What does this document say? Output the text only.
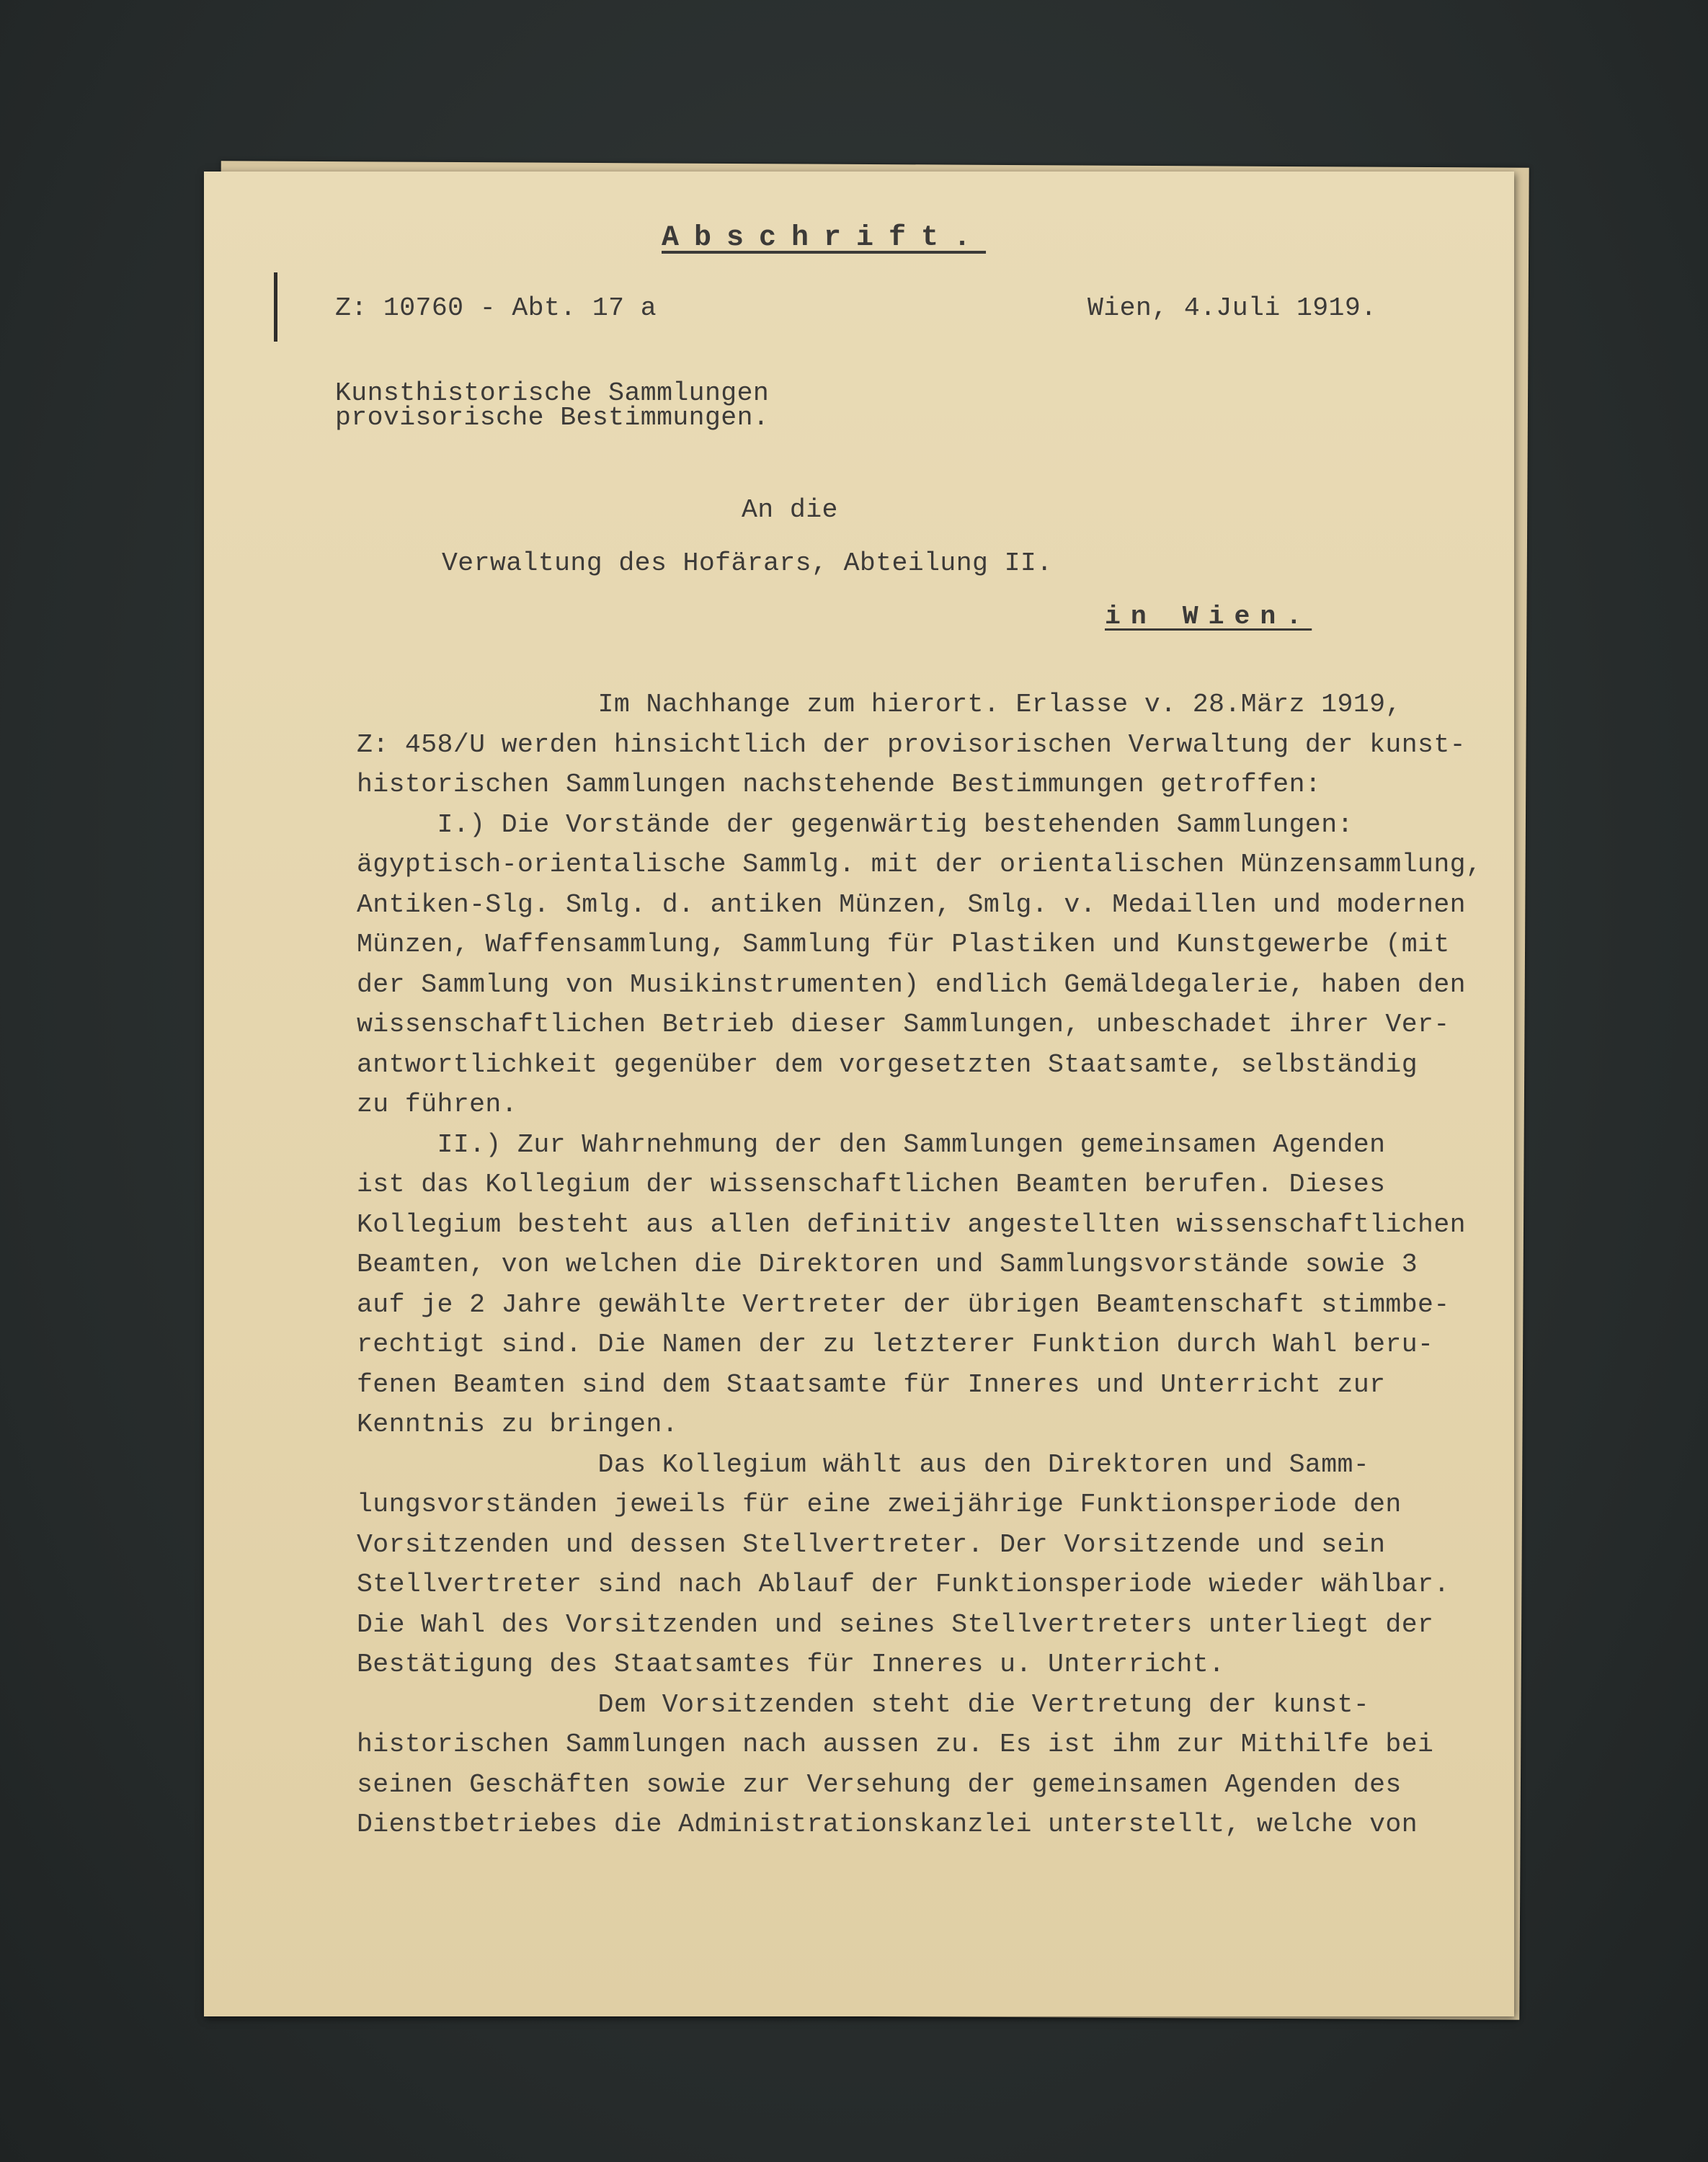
Abschrift.
Z: 10760 - Abt. 17 a	Wien, 4.Juli 1919.
Kunsthistorische Sammlungen
provisorische Bestimmungen.
An die
Verwaltung des Hofärars, Abteilung II.
in Wien.
Im Nachhange zum hierort. Erlasse v. 28.März 1919,
Z: 458/U werden hinsichtlich der provisorischen Verwaltung der kunst-
historischen Sammlungen nachstehende Bestimmungen getroffen:
I.) Die Vorstände der gegenwärtig bestehenden Sammlungen:
ägyptisch-orientalische Sammlg. mit der orientalischen Münzensammlung,
Antiken-Slg. Smlg. d. antiken Münzen, Smlg. v. Medaillen und modernen
Münzen, Waffensammlung, Sammlung für Plastiken und Kunstgewerbe (mit
der Sammlung von Musikinstrumenten) endlich Gemäldegalerie, haben den
wissenschaftlichen Betrieb dieser Sammlungen, unbeschadet ihrer Ver-
antwortlichkeit gegenüber dem vorgesetzten Staatsamte, selbständig
zu führen.
II.) Zur Wahrnehmung der den Sammlungen gemeinsamen Agenden
ist das Kollegium der wissenschaftlichen Beamten berufen. Dieses
Kollegium besteht aus allen definitiv angestellten wissenschaftlichen
Beamten, von welchen die Direktoren und Sammlungsvorstände sowie 3
auf je 2 Jahre gewählte Vertreter der übrigen Beamtenschaft stimmbe-
rechtigt sind. Die Namen der zu letzterer Funktion durch Wahl beru-
fenen Beamten sind dem Staatsamte für Inneres und Unterricht zur
Kenntnis zu bringen.
Das Kollegium wählt aus den Direktoren und Samm-
lungsvorständen jeweils für eine zweijährige Funktionsperiode den
Vorsitzenden und dessen Stellvertreter. Der Vorsitzende und sein
Stellvertreter sind nach Ablauf der Funktionsperiode wieder wählbar.
Die Wahl des Vorsitzenden und seines Stellvertreters unterliegt der
Bestätigung des Staatsamtes für Inneres u. Unterricht.
Dem Vorsitzenden steht die Vertretung der kunst-
historischen Sammlungen nach aussen zu. Es ist ihm zur Mithilfe bei
seinen Geschäften sowie zur Versehung der gemeinsamen Agenden des
Dienstbetriebes die Administrationskanzlei unterstellt, welche von
